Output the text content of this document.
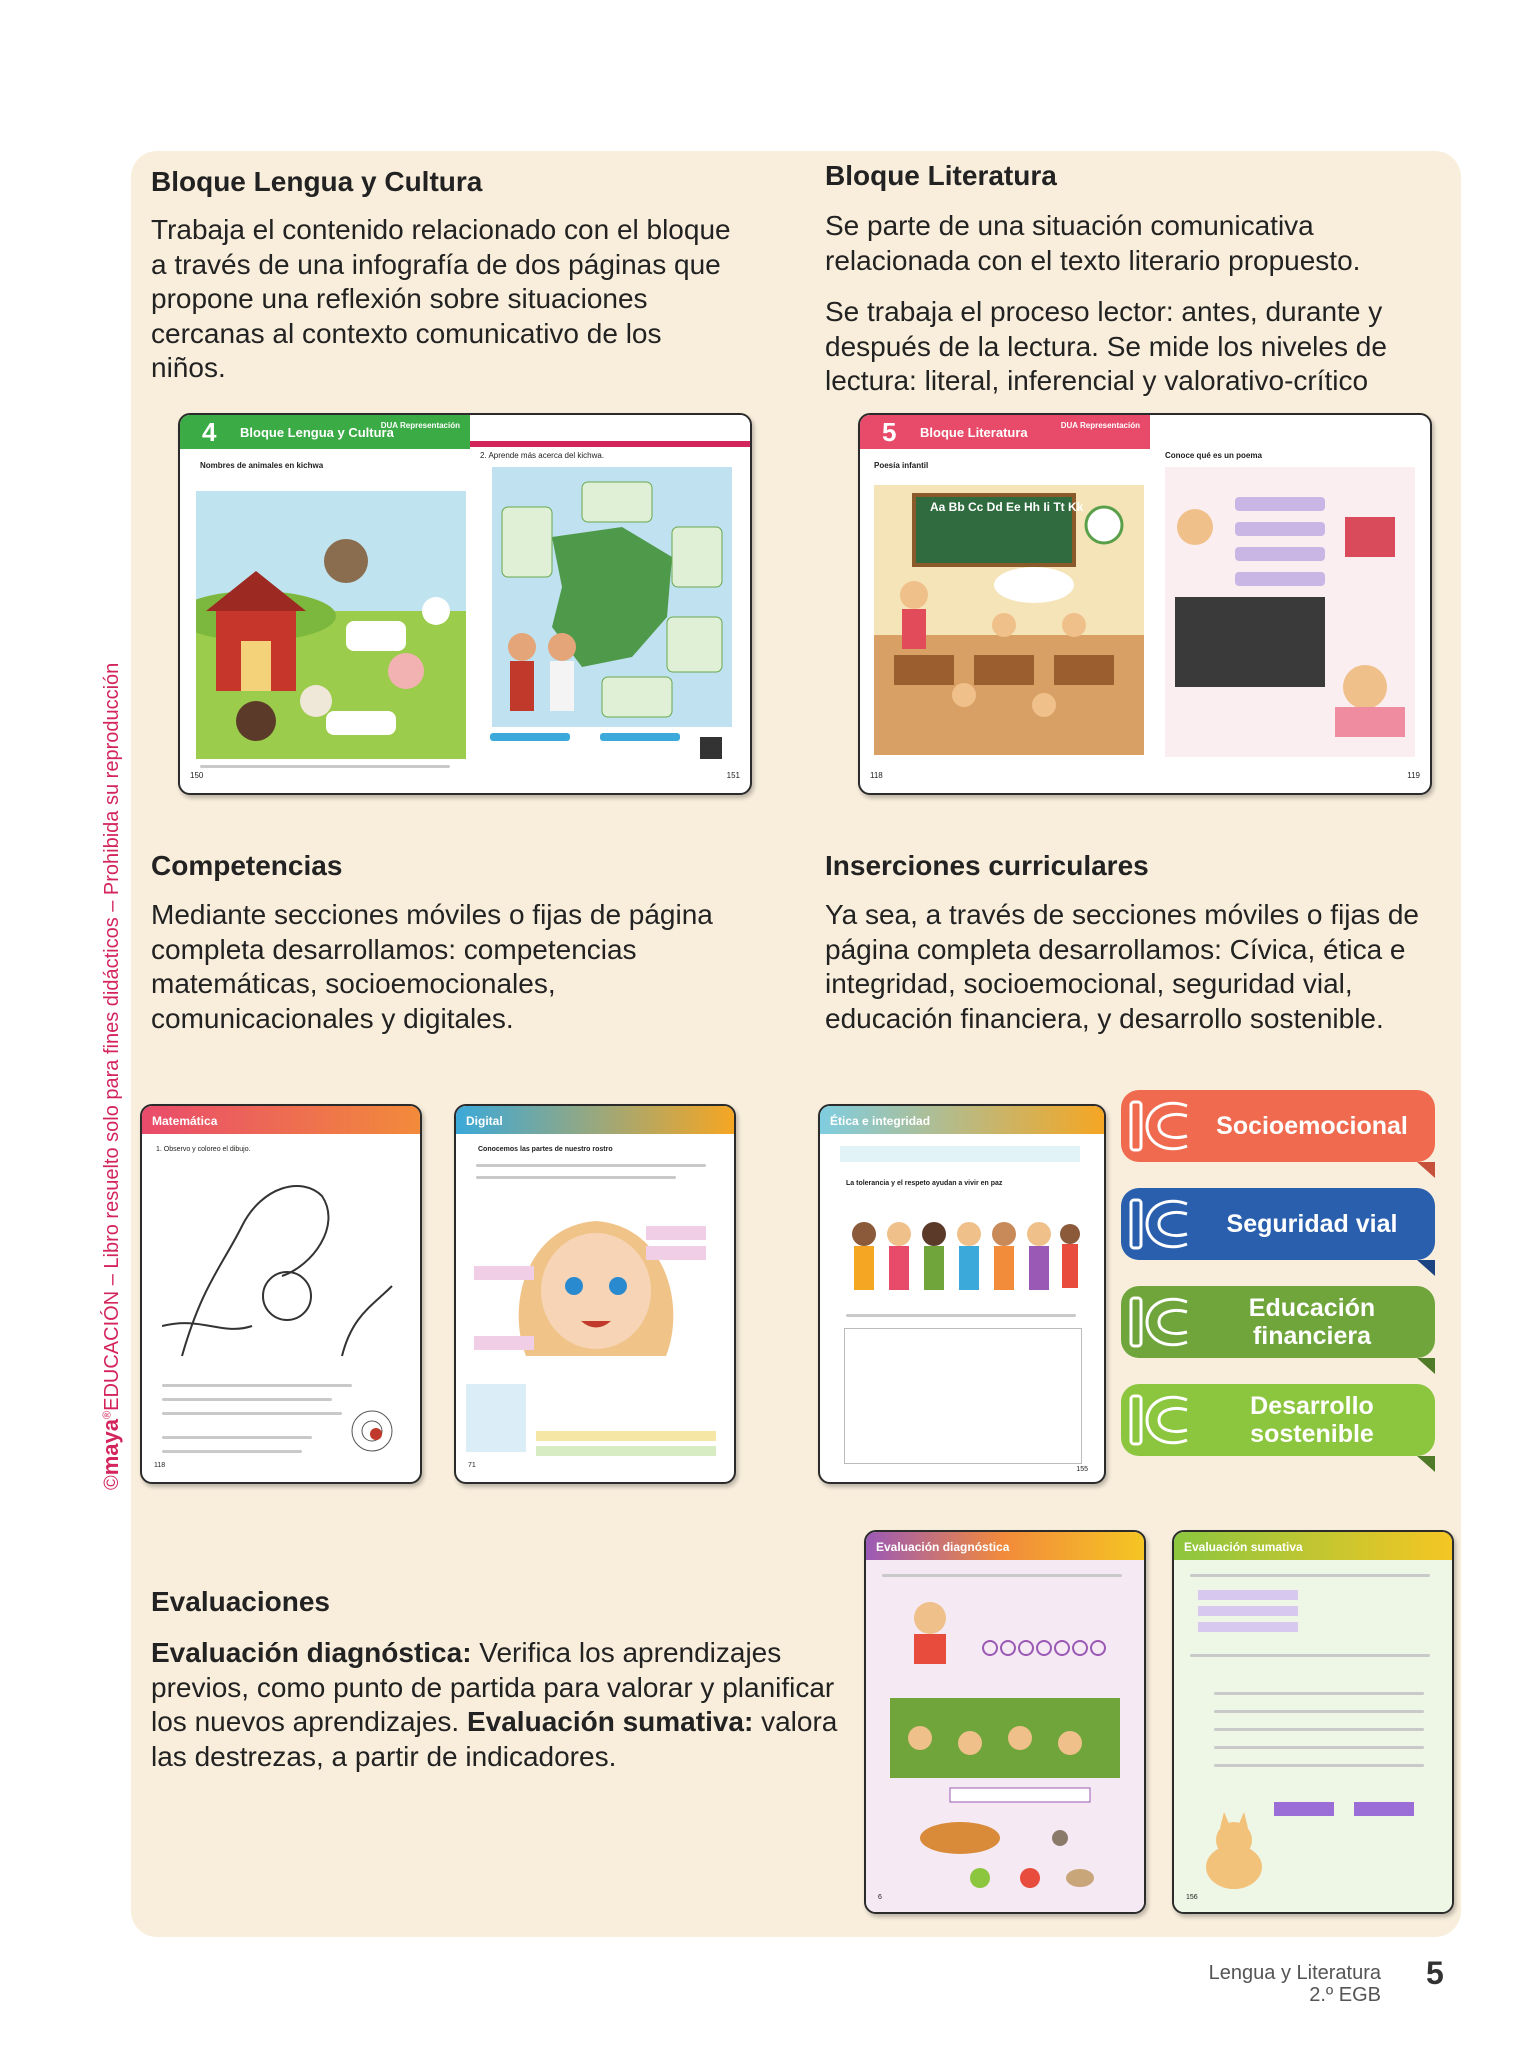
©maya®EDUCACIÓN – Libro resuelto solo para fines didácticos – Prohibida su reproducción
Bloque Lengua y Cultura
Trabaja el contenido relacionado con el bloque a través de una infografía de dos páginas que propone una reflexión sobre situaciones cercanas al contexto comunicativo de los niños.
4 Bloque Lengua y Cultura
DUA Representación
Nombres de animales en kichwa
150
2. Aprende más acerca del kichwa.
151
Bloque Literatura
Se parte de una situación comunicativa relacionada con el texto literario propuesto.
Se trabaja el proceso lector: antes, durante y después de la lectura. Se mide los niveles de lectura: literal, inferencial y valorativo-crítico
5 Bloque Literatura	DUA Representación
Poesía infantil
Aa Bb Cc Dd Ee Hh Ii Tt Kk
118
Conoce qué es un poema
119
Competencias
Mediante secciones móviles o fijas de página completa desarrollamos: competencias matemáticas, socioemocionales, comunicacionales y digitales.
Matemática
1. Observo y coloreo el dibujo.
118
Digital
Conocemos las partes de nuestro rostro
71
Inserciones curriculares
Ya sea, a través de secciones móviles o fijas de página completa desarrollamos: Cívica, ética e integridad, socioemocional, seguridad vial, educación financiera, y desarrollo sostenible.
Ética e integridad
La tolerancia y el respeto ayudan a vivir en paz
155
Socioemocional
Seguridad vial
Educación financiera
Desarrollo sostenible
Evaluaciones
Evaluación diagnóstica: Verifica los aprendizajes previos, como punto de partida para valorar y planificar los nuevos aprendizajes. Evaluación sumativa: valora las destrezas, a partir de indicadores.
Evaluación diagnóstica
6
Evaluación sumativa
156
Lengua y Literatura
2.º EGB
5
